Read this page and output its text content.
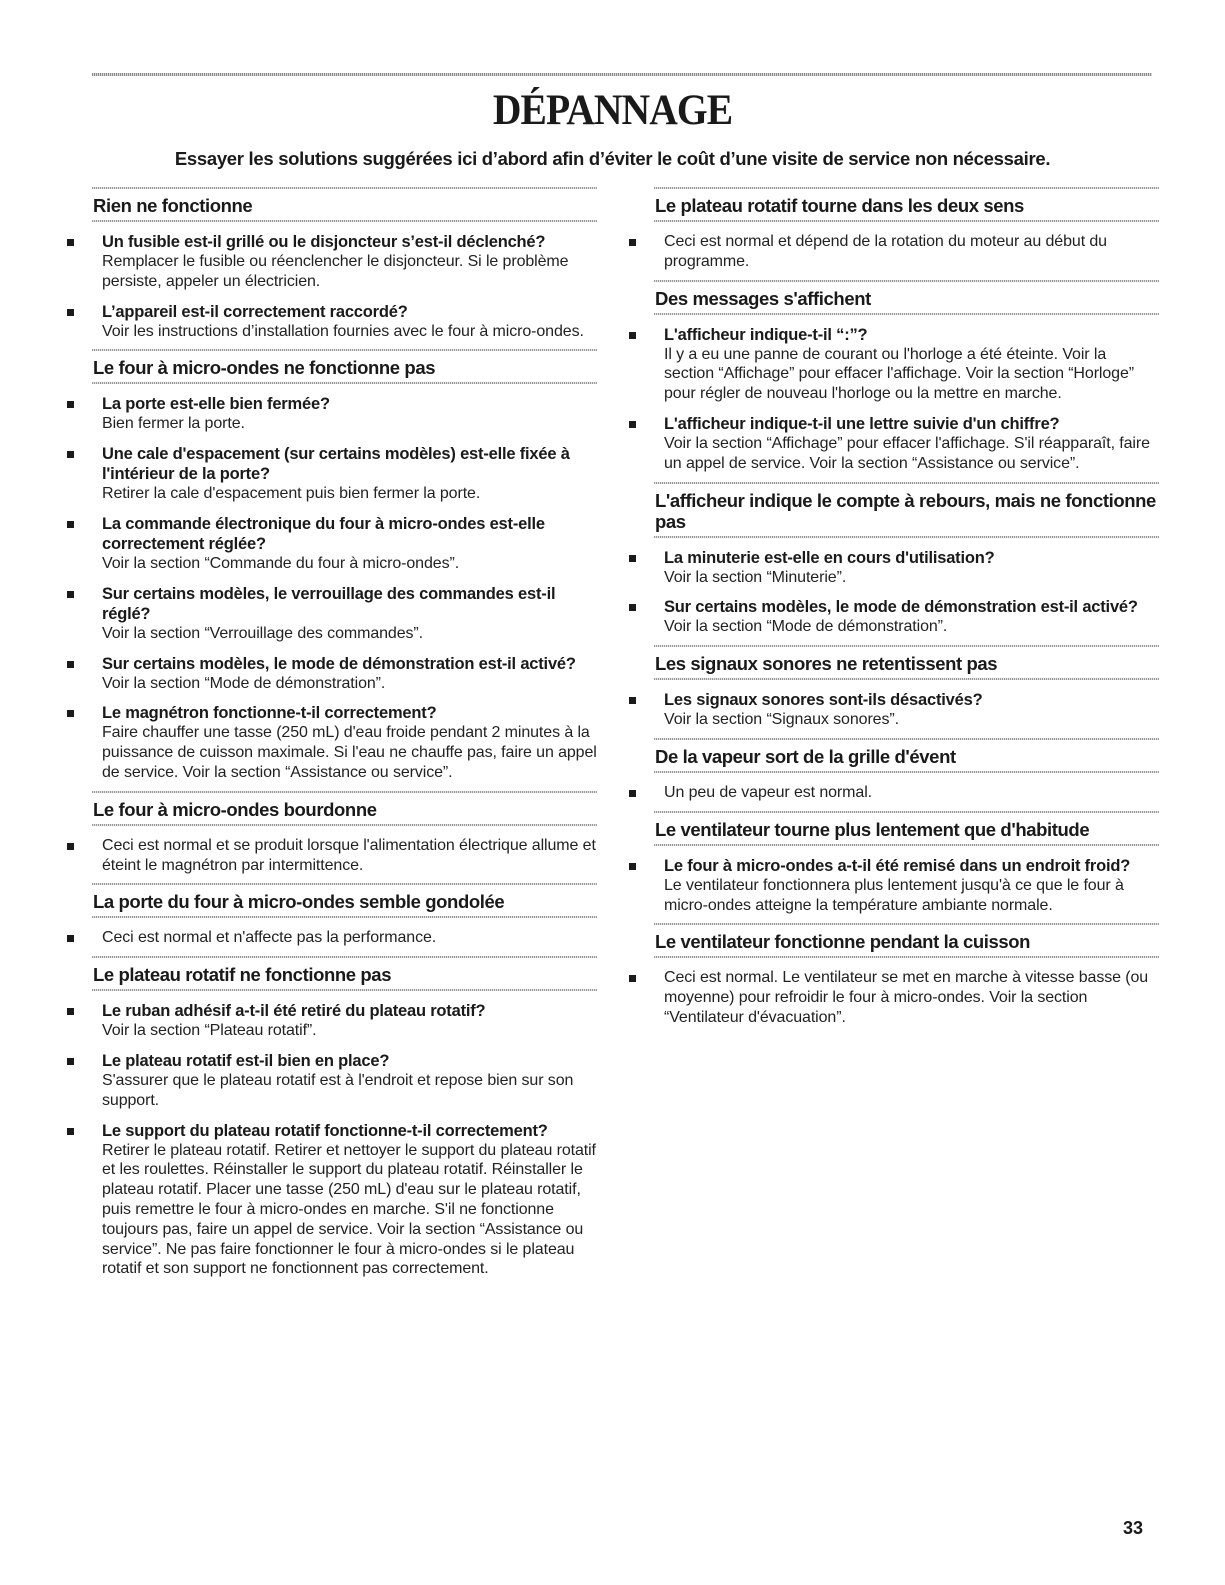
DÉPANNAGE
Essayer les solutions suggérées ici d’abord afin d’éviter le coût d’une visite de service non nécessaire.
Rien ne fonctionne
Un fusible est-il grillé ou le disjoncteur s’est-il déclenché?
Remplacer le fusible ou réenclencher le disjoncteur. Si le problème persiste, appeler un électricien.
L’appareil est-il correctement raccordé?
Voir les instructions d’installation fournies avec le four à micro-ondes.
Le four à micro-ondes ne fonctionne pas
La porte est-elle bien fermée?
Bien fermer la porte.
Une cale d'espacement (sur certains modèles) est-elle fixée à l'intérieur de la porte?
Retirer la cale d'espacement puis bien fermer la porte.
La commande électronique du four à micro-ondes est-elle correctement réglée?
Voir la section “Commande du four à micro-ondes”.
Sur certains modèles, le verrouillage des commandes est-il réglé?
Voir la section “Verrouillage des commandes”.
Sur certains modèles, le mode de démonstration est-il activé?
Voir la section “Mode de démonstration”.
Le magnétron fonctionne-t-il correctement?
Faire chauffer une tasse (250 mL) d'eau froide pendant 2 minutes à la puissance de cuisson maximale. Si l'eau ne chauffe pas, faire un appel de service. Voir la section “Assistance ou service”.
Le four à micro-ondes bourdonne
Ceci est normal et se produit lorsque l'alimentation électrique allume et éteint le magnétron par intermittence.
La porte du four à micro-ondes semble gondolée
Ceci est normal et n'affecte pas la performance.
Le plateau rotatif ne fonctionne pas
Le ruban adhésif a-t-il été retiré du plateau rotatif?
Voir la section “Plateau rotatif”.
Le plateau rotatif est-il bien en place?
S'assurer que le plateau rotatif est à l'endroit et repose bien sur son support.
Le support du plateau rotatif fonctionne-t-il correctement?
Retirer le plateau rotatif. Retirer et nettoyer le support du plateau rotatif et les roulettes. Réinstaller le support du plateau rotatif. Réinstaller le plateau rotatif. Placer une tasse (250 mL) d'eau sur le plateau rotatif, puis remettre le four à micro-ondes en marche. S'il ne fonctionne toujours pas, faire un appel de service. Voir la section “Assistance ou service”. Ne pas faire fonctionner le four à micro-ondes si le plateau rotatif et son support ne fonctionnent pas correctement.
Le plateau rotatif tourne dans les deux sens
Ceci est normal et dépend de la rotation du moteur au début du programme.
Des messages s'affichent
L'afficheur indique-t-il “:”?
Il y a eu une panne de courant ou l'horloge a été éteinte. Voir la section “Affichage” pour effacer l'affichage. Voir la section “Horloge” pour régler de nouveau l'horloge ou la mettre en marche.
L'afficheur indique-t-il une lettre suivie d'un chiffre?
Voir la section “Affichage” pour effacer l'affichage. S'il réapparaît, faire un appel de service. Voir la section “Assistance ou service”.
L'afficheur indique le compte à rebours, mais ne fonctionne pas
La minuterie est-elle en cours d'utilisation?
Voir la section “Minuterie”.
Sur certains modèles, le mode de démonstration est-il activé?
Voir la section “Mode de démonstration”.
Les signaux sonores ne retentissent pas
Les signaux sonores sont-ils désactivés?
Voir la section “Signaux sonores”.
De la vapeur sort de la grille d'évent
Un peu de vapeur est normal.
Le ventilateur tourne plus lentement que d'habitude
Le four à micro-ondes a-t-il été remisé dans un endroit froid?
Le ventilateur fonctionnera plus lentement jusqu'à ce que le four à micro-ondes atteigne la température ambiante normale.
Le ventilateur fonctionne pendant la cuisson
Ceci est normal. Le ventilateur se met en marche à vitesse basse (ou moyenne) pour refroidir le four à micro-ondes. Voir la section “Ventilateur d'évacuation”.
33
